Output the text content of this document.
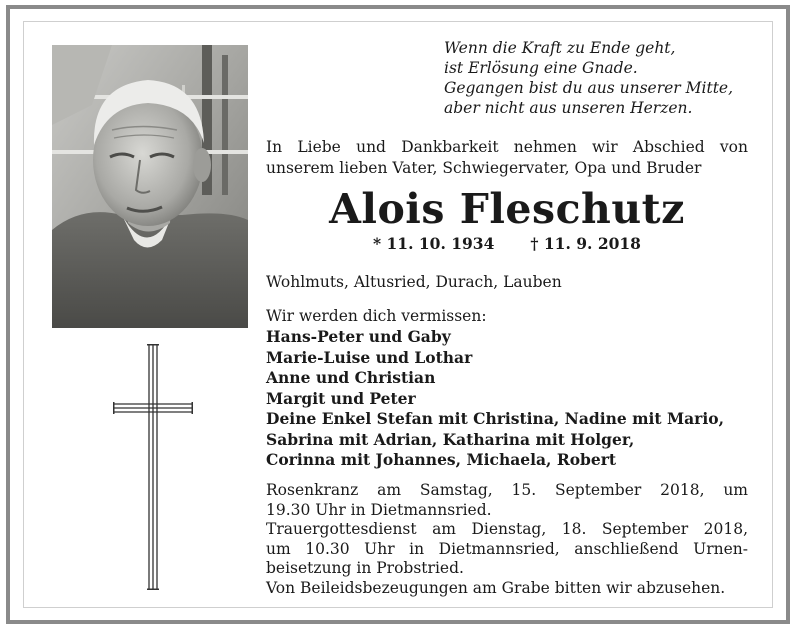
Wenn die Kraft zu Ende geht,
ist Erlösung eine Gnade.
Gegangen bist du aus unserer Mitte,
aber nicht aus unseren Herzen.
In Liebe und Dankbarkeit nehmen wir Abschied von
unserem lieben Vater, Schwiegervater, Opa und Bruder
Alois Fleschutz
* 11. 10. 1934 † 11. 9. 2018
Wohlmuts, Altusried, Durach, Lauben
Wir werden dich vermissen:
Hans-Peter und Gaby
Marie-Luise und Lothar
Anne und Christian
Margit und Peter
Deine Enkel Stefan mit Christina, Nadine mit Mario,
Sabrina mit Adrian, Katharina mit Holger,
Corinna mit Johannes, Michaela, Robert
Rosenkranz am Samstag, 15. September 2018, um
19.30 Uhr in Dietmannsried.
Trauergottesdienst am Dienstag, 18. September 2018,
um 10.30 Uhr in Dietmannsried, anschließend Urnen-
beisetzung in Probstried.
Von Beileidsbezeugungen am Grabe bitten wir abzusehen.
